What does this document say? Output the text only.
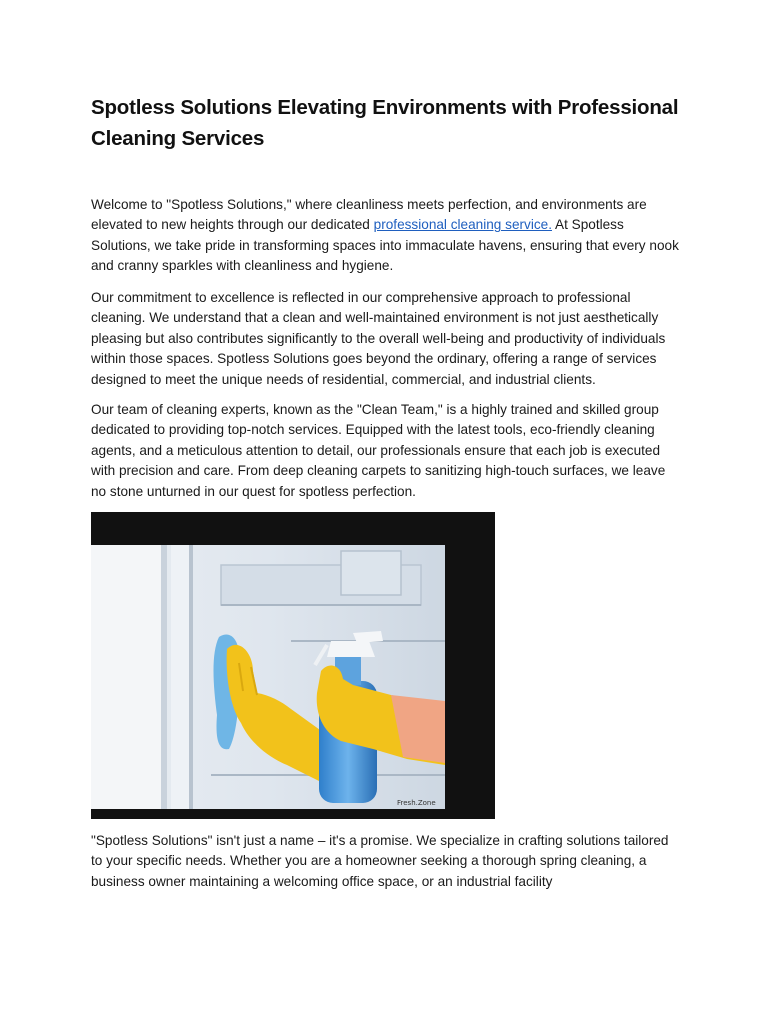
Spotless Solutions Elevating Environments with Professional Cleaning Services

Welcome to "Spotless Solutions," where cleanliness meets perfection, and environments are elevated to new heights through our dedicated professional cleaning service. At Spotless Solutions, we take pride in transforming spaces into immaculate havens, ensuring that every nook and cranny sparkles with cleanliness and hygiene.

Our commitment to excellence is reflected in our comprehensive approach to professional cleaning. We understand that a clean and well-maintained environment is not just aesthetically pleasing but also contributes significantly to the overall well-being and productivity of individuals within those spaces. Spotless Solutions goes beyond the ordinary, offering a range of services designed to meet the unique needs of residential, commercial, and industrial clients.

Our team of cleaning experts, known as the "Clean Team," is a highly trained and skilled group dedicated to providing top-notch services. Equipped with the latest tools, eco-friendly cleaning agents, and a meticulous attention to detail, our professionals ensure that each job is executed with precision and care. From deep cleaning carpets to sanitizing high-touch surfaces, we leave no stone unturned in our quest for spotless perfection.

Fresh.Zone

"Spotless Solutions" isn't just a name – it's a promise. We specialize in crafting solutions tailored to your specific needs. Whether you are a homeowner seeking a thorough spring cleaning, a business owner maintaining a welcoming office space, or an industrial facility
